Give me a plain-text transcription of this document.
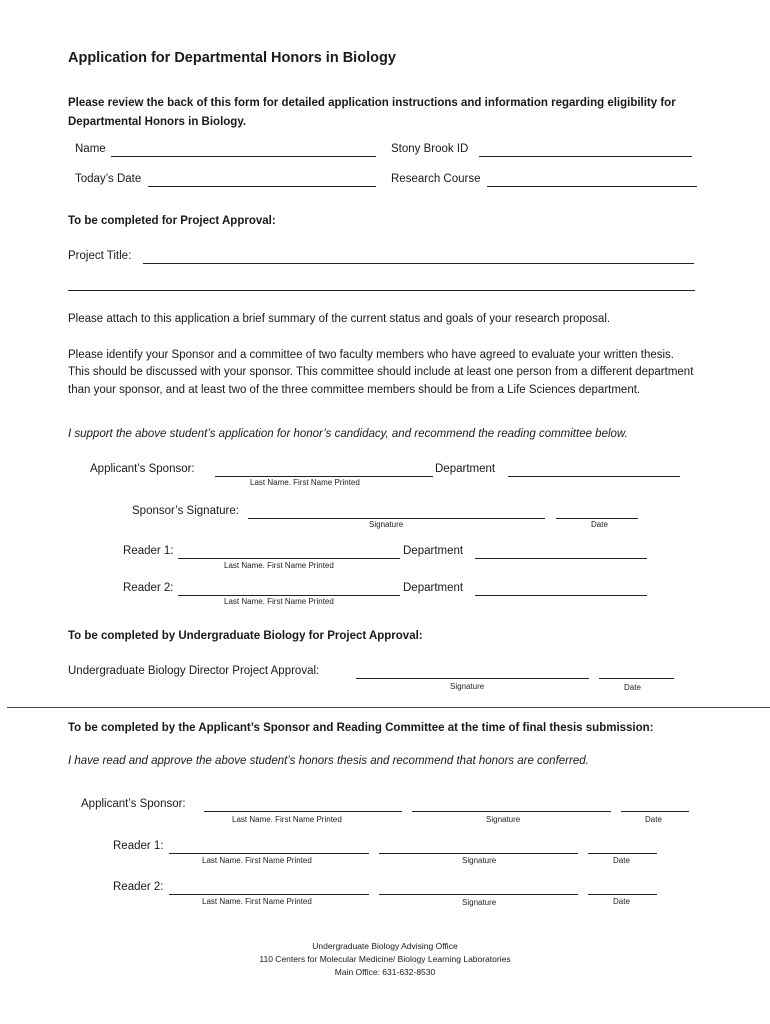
Application for Departmental Honors in Biology
Please review the back of this form for detailed application instructions and information regarding eligibility for Departmental Honors in Biology.
Name	Stony Brook ID
Today’s Date	Research Course
To be completed for Project Approval:
Project Title:
Please attach to this application a brief summary of the current status and goals of your research proposal.
Please identify your Sponsor and a committee of two faculty members who have agreed to evaluate your written thesis. This should be discussed with your sponsor. This committee should include at least one person from a different department than your sponsor, and at least two of the three committee members should be from a Life Sciences department.
I support the above student’s application for honor’s candidacy, and recommend the reading committee below.
Applicant’s Sponsor:
Last Name. First Name Printed
Department
Sponsor’s Signature:
Signature	Date
Reader 1:
Last Name. First Name Printed
Department
Reader 2:
Last Name. First Name Printed
Department
To be completed by Undergraduate Biology for Project Approval:
Undergraduate Biology Director Project Approval:
Signature	Date
To be completed by the Applicant’s Sponsor and Reading Committee at the time of final thesis submission:
I have read and approve the above student’s honors thesis and recommend that honors are conferred.
Applicant’s Sponsor:
Last Name. First Name Printed	Signature	Date
Reader 1:
Last Name. First Name Printed	Signature	Date
Reader 2:
Last Name. First Name Printed	Signature	Date
Undergraduate Biology Advising Office
110 Centers for Molecular Medicine/ Biology Learning Laboratories
Main Office: 631-632-8530
